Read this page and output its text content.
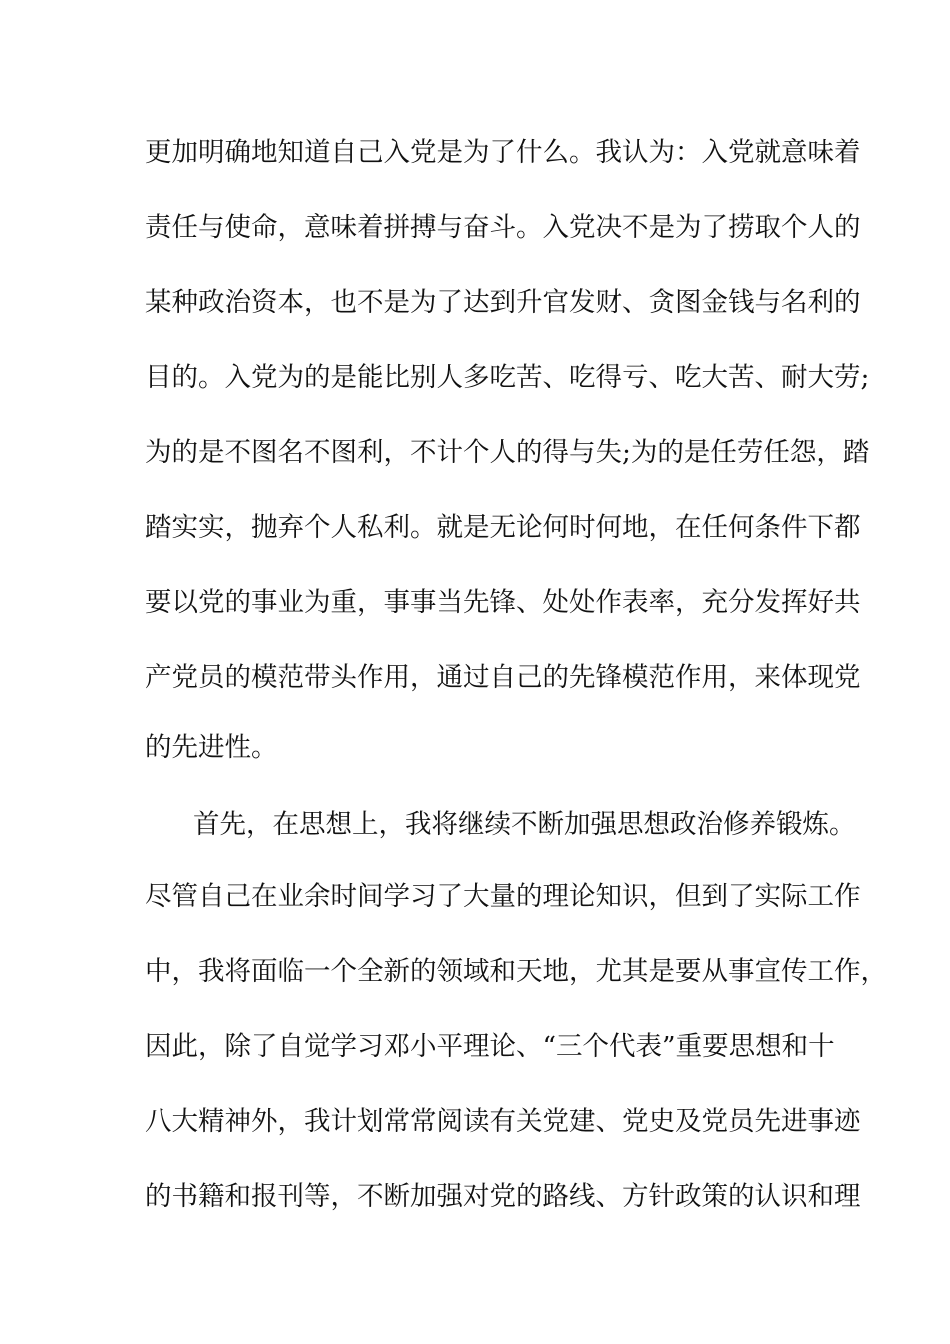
更加明确地知道自己入党是为了什么。我认为：入党就意味着
责任与使命，意味着拼搏与奋斗。入党决不是为了捞取个人的
某种政治资本，也不是为了达到升官发财、贪图金钱与名利的
目的。入党为的是能比别人多吃苦、吃得亏、吃大苦、耐大劳;
为的是不图名不图利，不计个人的得与失;为的是任劳任怨，踏
踏实实，抛弃个人私利。就是无论何时何地，在任何条件下都
要以党的事业为重，事事当先锋、处处作表率，充分发挥好共
产党员的模范带头作用，通过自己的先锋模范作用，来体现党
的先进性。
首先，在思想上，我将继续不断加强思想政治修养锻炼。
尽管自己在业余时间学习了大量的理论知识，但到了实际工作
中，我将面临一个全新的领域和天地，尤其是要从事宣传工作，
因此，除了自觉学习邓小平理论、“三个代表”重要思想和十
八大精神外，我计划常常阅读有关党建、党史及党员先进事迹
的书籍和报刊等，不断加强对党的路线、方针政策的认识和理
